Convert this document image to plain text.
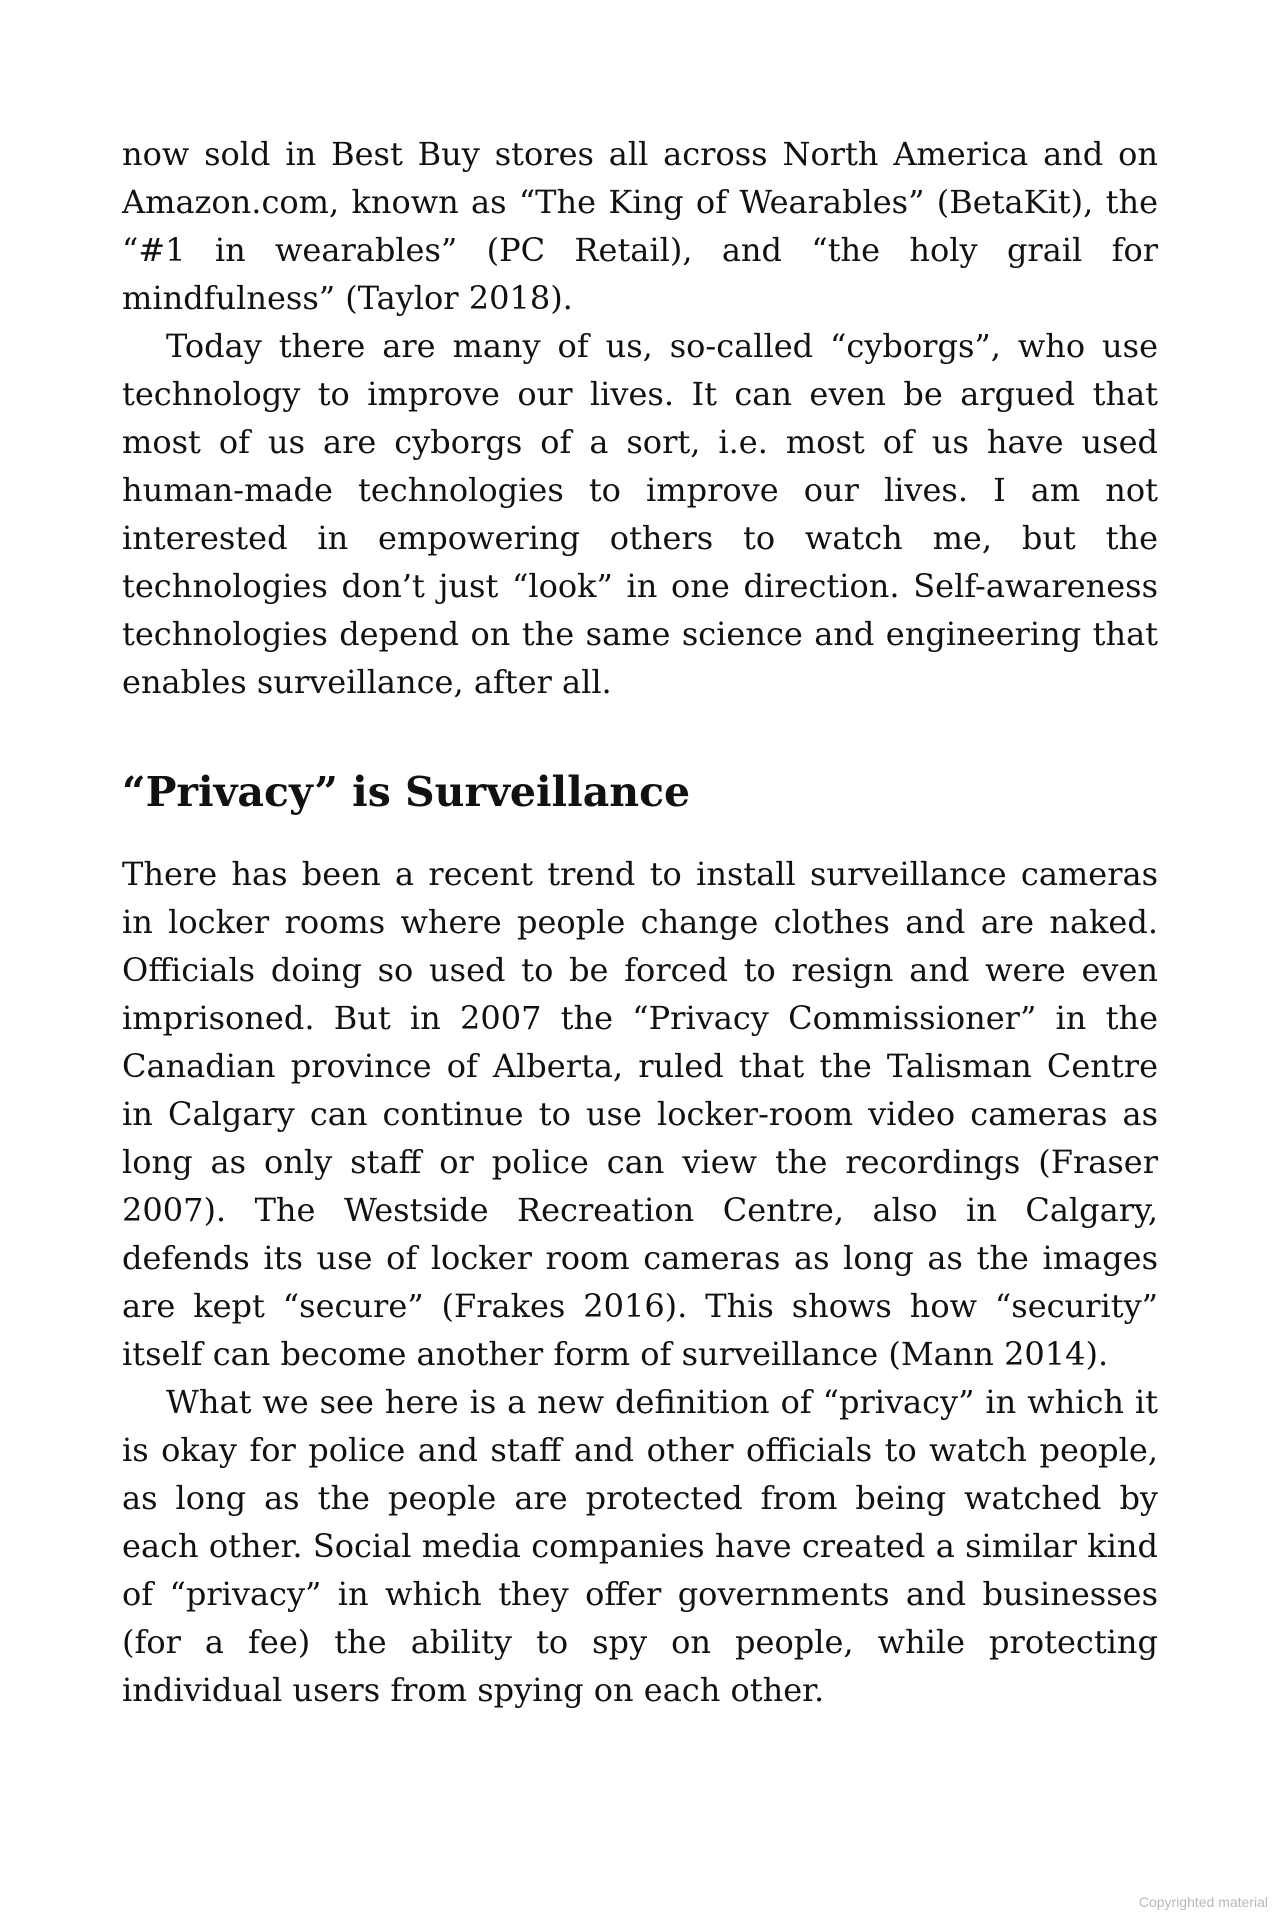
now sold in Best Buy stores all across North America and on Amazon.com, known as “The King of Wearables” (BetaKit), the “#1 in wearables” (PC Retail), and “the holy grail for mindfulness” (Taylor 2018).

Today there are many of us, so-called “cyborgs”, who use technology to improve our lives. It can even be argued that most of us are cyborgs of a sort, i.e. most of us have used human-made technologies to improve our lives. I am not interested in empowering others to watch me, but the technologies don’t just “look” in one direction. Self-awareness technologies depend on the same science and engineering that enables surveillance, after all.

“Privacy” is Surveillance

There has been a recent trend to install surveillance cameras in locker rooms where people change clothes and are naked. Officials doing so used to be forced to resign and were even imprisoned. But in 2007 the “Privacy Commissioner” in the Canadian province of Alberta, ruled that the Talisman Centre in Calgary can continue to use locker-room video cameras as long as only staff or police can view the recordings (Fraser 2007). The Westside Recreation Centre, also in Calgary, defends its use of locker room cameras as long as the images are kept “secure” (Frakes 2016). This shows how “security” itself can become another form of surveillance (Mann 2014).

What we see here is a new definition of “privacy” in which it is okay for police and staff and other officials to watch people, as long as the people are protected from being watched by each other. Social media companies have created a similar kind of “privacy” in which they offer governments and businesses (for a fee) the ability to spy on people, while protecting individual users from spying on each other.

Copyrighted material
